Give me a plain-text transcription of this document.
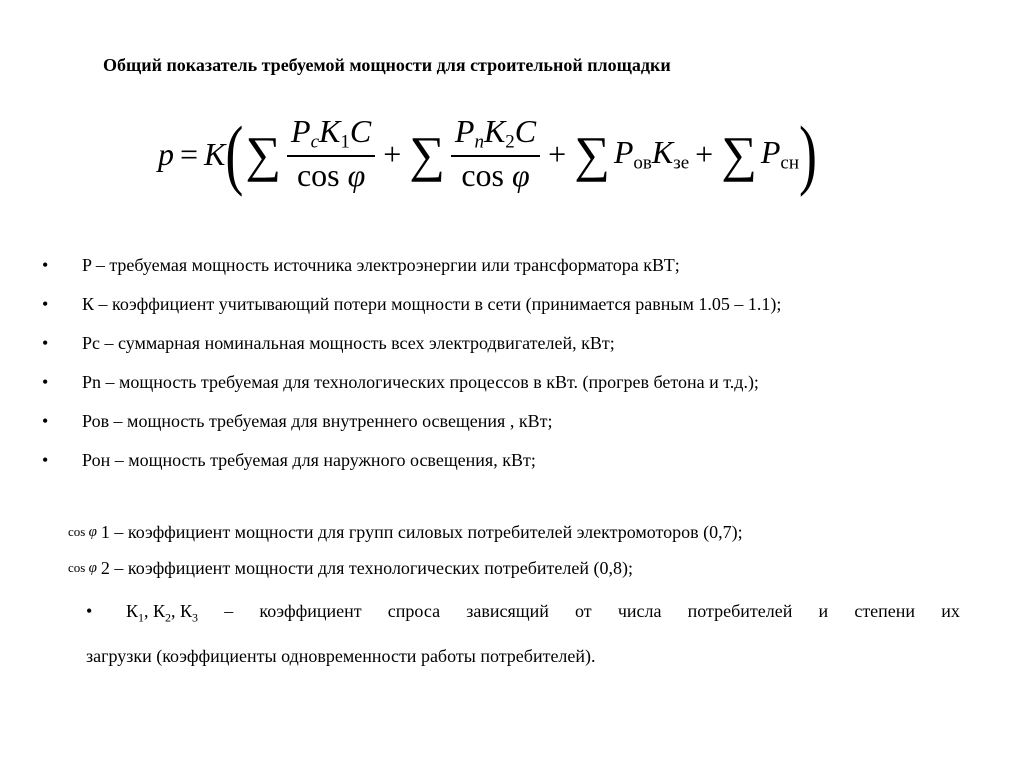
Общий показатель требуемой мощности для строительной площадки
p = K ( ∑ $\frac{P_cK_1C}{\text{cos φ}}$ + ∑ $\frac{P_nK_2C}{\text{cos φ}}$ + ∑ $P_{ов}K_{зе}$ + ∑ $P_{сн}$ )
• P – требуемая мощность источника электроэнергии или трансформатора кВТ;
• К – коэффициент учитывающий потери мощности в сети (принимается равным 1.05 – 1.1);
• Рс – суммарная номинальная мощность всех электродвигателей, кВт;
• Рn – мощность требуемая для технологических процессов в кВт. (прогрев бетона и т.д.);
• Ров – мощность требуемая для внутреннего освещения , кВт;
• Рон – мощность требуемая для наружного освещения, кВт;
cos φ 1 – коэффициент мощности для групп силовых потребителей электромоторов (0,7);
cos φ 2 – коэффициент мощности для технологических потребителей (0,8);
• $К_1$, $К_2$, $К_3$ – коэффициент спроса зависящий от числа потребителей и степени их
загрузки (коэффициенты одновременности работы потребителей).
